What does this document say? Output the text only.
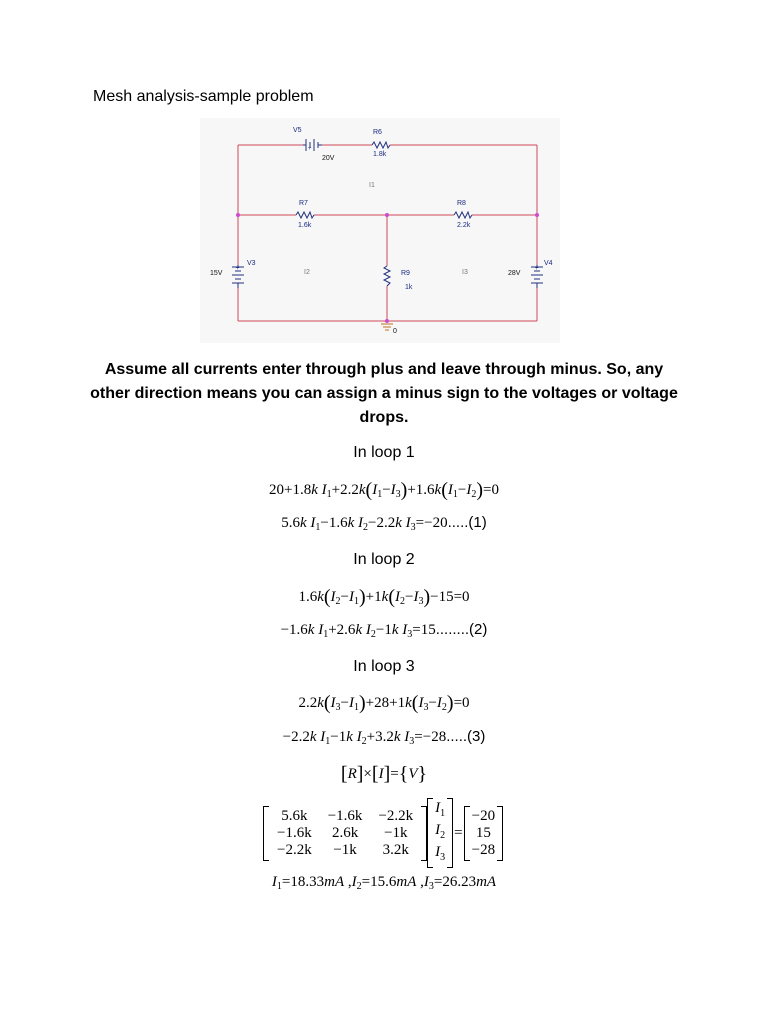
Mesh analysis-sample problem
V5
20V
R6
1.8k
I1
R7
1.6k
R8
2.2k
V3
15V	I2	R9
1k
I3	28V
V4
0
+
+	+
Assume all currents enter through plus and leave through minus. So, any other direction means you can assign a minus sign to the voltages or voltage drops.
In loop 1
20+1.8k $I_1+2.2k(I_1-I_3)+1.6k(I_1-I_2)=0$
5.6k $I_1-1.6k$ $I_2-2.2k$ $I_3=-20.....(1)$
In loop 2
$1.6k(I_2-I_1)+1k(I_2-I_3)-15=0$
−1.6k $I_1+2.6k$ $I_2-1k$ $I_3=15........(2)$
In loop 3
$2.2k(I_3-I_1)+28+1k(I_3-I_2)=0$
−2.2k $I_1-1k$ $I_2+3.2k$ $I_3=-28.....(3)$
[R]×[I]={V}
5.6k	−1.6k	−2.2k
−1.6k	2.6k	−1k
−2.2k	−1k	3.2k
$I_1$
$I_2$
$I_3$
=
−20
15
−28
$I_1=18.33mA$ $,I_2=15.6mA$ $,I_3=26.23mA$
